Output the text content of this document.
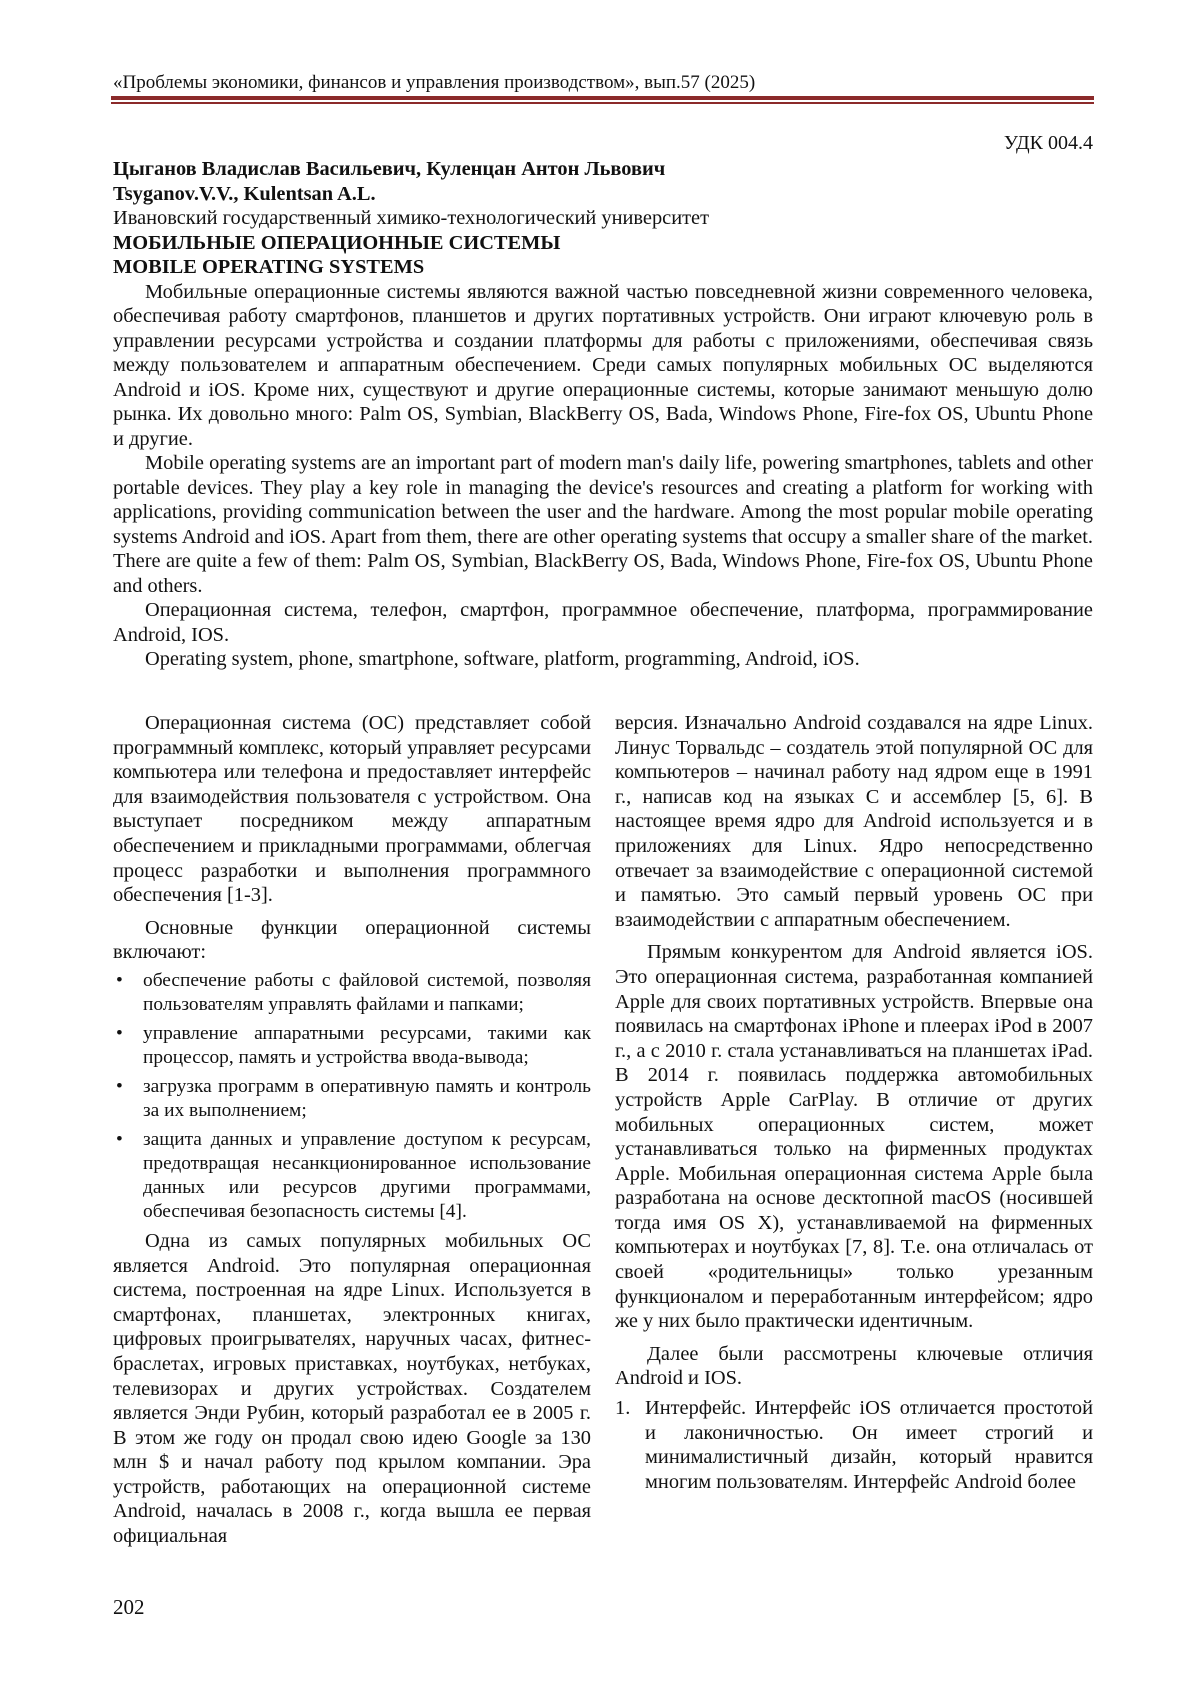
«Проблемы экономики, финансов и управления производством», вып.57 (2025)
УДК 004.4

Цыганов Владислав Васильевич, Куленцан Антон Львович

Tsyganov.V.V., Kulentsan A.L.

Ивановский государственный химико-технологический университет

МОБИЛЬНЫЕ ОПЕРАЦИОННЫЕ СИСТЕМЫ

MOBILE OPERATING SYSTEMS

Мобильные операционные системы являются важной частью повседневной жизни современного человека, обеспечивая работу смартфонов, планшетов и других портативных устройств. Они играют ключевую роль в управлении ресурсами устройства и создании платформы для работы с приложениями, обеспечивая связь между пользователем и аппаратным обеспечением. Среди самых популярных мобильных ОС выделяются Android и iOS. Кроме них, существуют и другие операционные системы, которые занимают меньшую долю рынка. Их довольно много: Palm OS, Symbian, BlackBerry OS, Bada, Windows Phone, Fire-fox OS, Ubuntu Phone и другие.

Mobile operating systems are an important part of modern man's daily life, powering smartphones, tablets and other portable devices. They play a key role in managing the device's resources and creating a platform for working with applications, providing communication between the user and the hardware. Among the most popular mobile operating systems Android and iOS. Apart from them, there are other operating systems that occupy a smaller share of the market. There are quite a few of them: Palm OS, Symbian, BlackBerry OS, Bada, Windows Phone, Fire-fox OS, Ubuntu Phone and others.

Операционная система, телефон, смартфон, программное обеспечение, платформа, программирование Android, IOS.

Operating system, phone, smartphone, software, platform, programming, Android, iOS.

Операционная система (ОС) представляет собой программный комплекс, который управляет ресурсами компьютера или телефона и предоставляет интерфейс для взаимодействия пользователя с устройством. Она выступает посредником между аппаратным обеспечением и прикладными программами, облегчая процесс разработки и выполнения программного обеспечения [1-3].

Основные функции операционной системы включают:

• обеспечение работы с файловой системой, позволяя пользователям управлять файлами и папками;
• управление аппаратными ресурсами, такими как процессор, память и устройства ввода-вывода;
• загрузка программ в оперативную память и контроль за их выполнением;
• защита данных и управление доступом к ресурсам, предотвращая несанкционированное использование данных или ресурсов другими программами, обеспечивая безопасность системы [4].

Одна из самых популярных мобильных ОС является Android. Это популярная операционная система, построенная на ядре Linux. Используется в смартфонах, планшетах, электронных книгах, цифровых проигрывателях, наручных часах, фитнес-браслетах, игровых приставках, ноутбуках, нетбуках, телевизорах и других устройствах. Создателем является Энди Рубин, который разработал ее в 2005 г. В этом же году он продал свою идею Google за 130 млн $ и начал работу под крылом компании. Эра устройств, работающих на операционной системе Android, началась в 2008 г., когда вышла ее первая официальная

версия. Изначально Android создавался на ядре Linux. Линус Торвальдс – создатель этой популярной ОС для компьютеров – начинал работу над ядром еще в 1991 г., написав код на языках C и ассемблер [5, 6]. В настоящее время ядро для Android используется и в приложениях для Linux. Ядро непосредственно отвечает за взаимодействие с операционной системой и памятью. Это самый первый уровень ОС при взаимодействии с аппаратным обеспечением.

Прямым конкурентом для Android является iOS. Это операционная система, разработанная компанией Apple для своих портативных устройств. Впервые она появилась на смартфонах iPhone и плеерах iPod в 2007 г., а с 2010 г. стала устанавливаться на планшетах iPad. В 2014 г. появилась поддержка автомобильных устройств Apple CarPlay. В отличие от других мобильных операционных систем, может устанавливаться только на фирменных продуктах Apple. Мобильная операционная система Apple была разработана на основе десктопной macOS (носившей тогда имя OS X), устанавливаемой на фирменных компьютерах и ноутбуках [7, 8]. Т.е. она отличалась от своей «родительницы» только урезанным функционалом и переработанным интерфейсом; ядро же у них было практически идентичным.

Далее были рассмотрены ключевые отличия Android и IOS.

1. Интерфейс. Интерфейс iOS отличается простотой и лаконичностью. Он имеет строгий и минималистичный дизайн, который нравится многим пользователям. Интерфейс Android более
202
